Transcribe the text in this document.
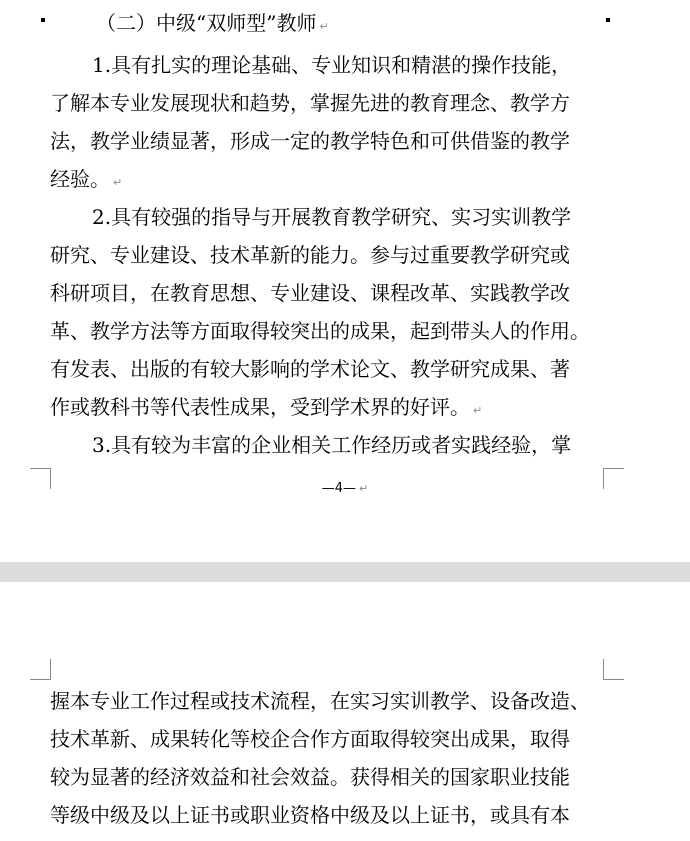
（二）中级“双师型”教师 ↵
1.具有扎实的理论基础、专业知识和精湛的操作技能，
了解本专业发展现状和趋势，掌握先进的教育理念、教学方
法，教学业绩显著，形成一定的教学特色和可供借鉴的教学
经验。 ↵
2.具有较强的指导与开展教育教学研究、实习实训教学
研究、专业建设、技术革新的能力。参与过重要教学研究或
科研项目，在教育思想、专业建设、课程改革、实践教学改
革、教学方法等方面取得较突出的成果，起到带头人的作用。
有发表、出版的有较大影响的学术论文、教学研究成果、著
作或教科书等代表性成果，受到学术界的好评。 ↵
3.具有较为丰富的企业相关工作经历或者实践经验，掌
—4— ↵
握本专业工作过程或技术流程，在实习实训教学、设备改造、
技术革新、成果转化等校企合作方面取得较突出成果，取得
较为显著的经济效益和社会效益。获得相关的国家职业技能
等级中级及以上证书或职业资格中级及以上证书，或具有本
